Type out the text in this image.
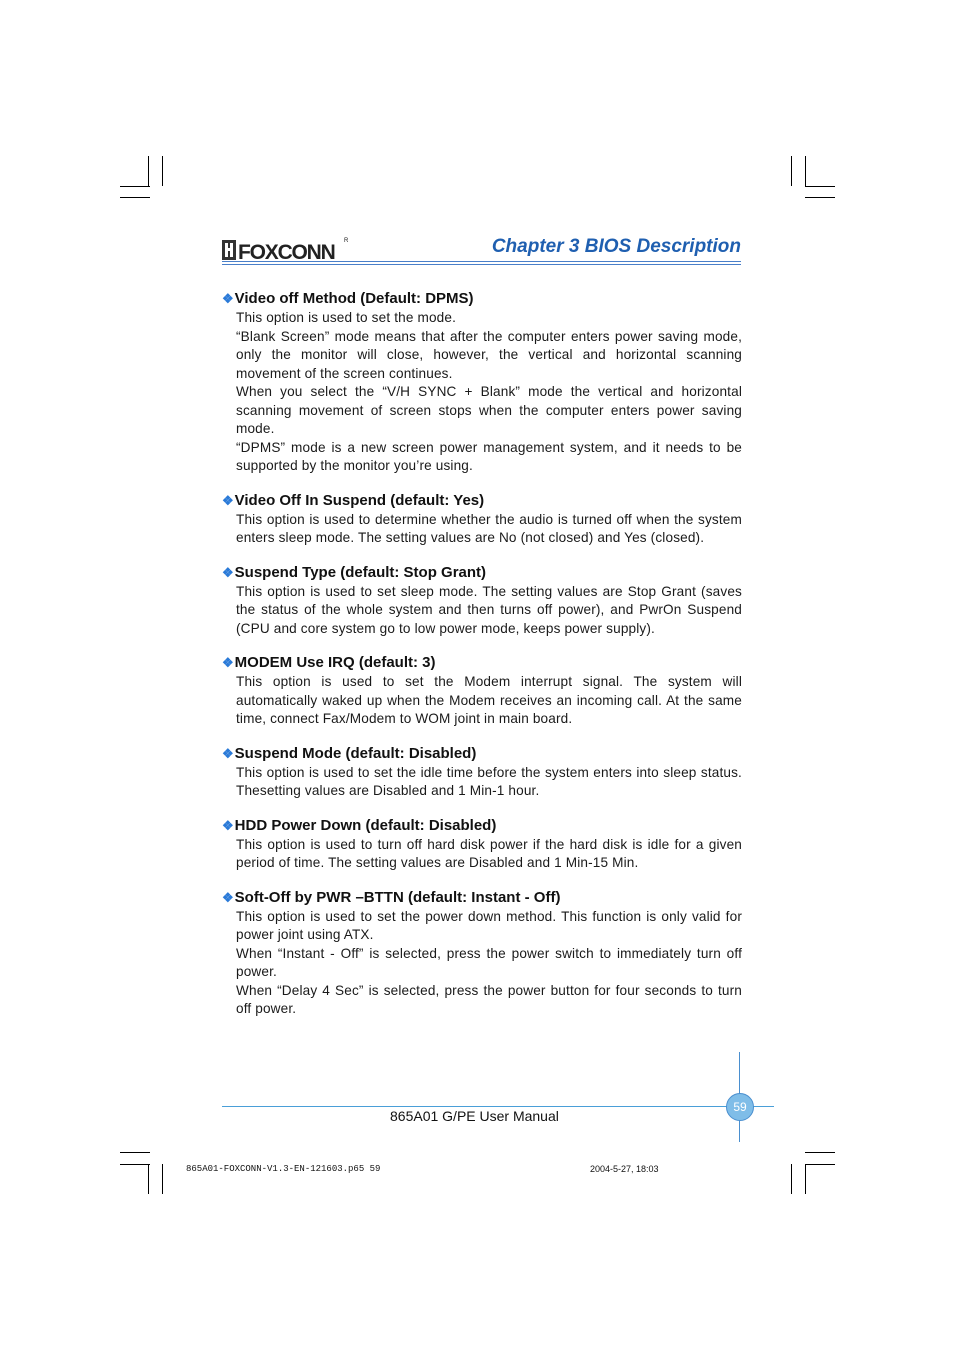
FOXCONN R	Chapter 3 BIOS Description
❖Video off Method (Default: DPMS)

This option is used to set the mode.

“Blank Screen” mode means that after the computer enters power saving mode, only the monitor will close, however, the vertical and horizontal scanning movement of the screen continues.

When you select the “V/H SYNC + Blank” mode the vertical and horizontal scanning movement of screen stops when the computer enters power saving mode.

“DPMS” mode is a new screen power management system, and it needs to be supported by the monitor you’re using.

❖Video Off In Suspend (default: Yes)

This option is used to determine whether the audio is turned off when the system enters sleep mode. The setting values are No (not closed) and Yes (closed).

❖Suspend Type (default: Stop Grant)

This option is used to set sleep mode. The setting values are Stop Grant (saves the status of the whole system and then turns off power), and PwrOn Suspend (CPU and core system go to low power mode, keeps power supply).

❖MODEM Use IRQ (default: 3)

This option is used to set the Modem interrupt signal. The system will automatically waked up when the Modem receives an incoming call. At the same time, connect Fax/Modem to WOM joint in main board.

❖Suspend Mode (default: Disabled)

This option is used to set the idle time before the system enters into sleep status. Thesetting values are Disabled and 1 Min-1 hour.

❖HDD Power Down (default: Disabled)

This option is used to turn off hard disk power if the hard disk is idle for a given period of time. The setting values are Disabled and 1 Min-15 Min.

❖Soft-Off by PWR –BTTN (default: Instant - Off)

This option is used to set the power down method. This function is only valid for power joint using ATX.

When “Instant - Off” is selected, press the power switch to immediately turn off power.

When “Delay 4 Sec” is selected, press the power button for four seconds to turn off power.

59
865A01 G/PE User Manual
865A01-FOXCONN-V1.3-EN-121603.p65 59	2004-5-27, 18:03
